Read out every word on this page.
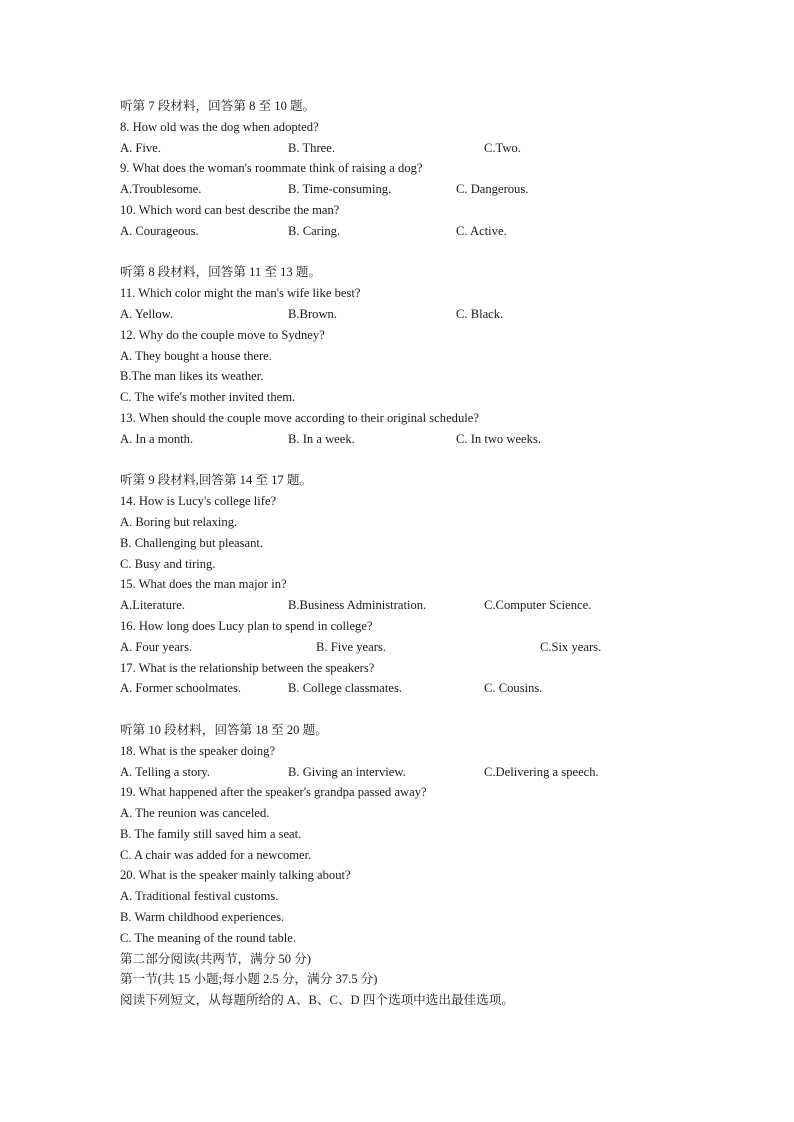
听第 7 段材料，回答第 8 至 10 题。
8. How old was the dog when adopted?
A. Five.	B. Three.	C.Two.
9. What does the woman's roommate think of raising a dog?
A.Troublesome.	B. Time-consuming.	C. Dangerous.
10. Which word can best describe the man?
A. Courageous.	B. Caring.	C. Active.
听第 8 段材料，回答第 11 至 13 题。
11. Which color might the man's wife like best?
A. Yellow.	B.Brown.	C. Black.
12. Why do the couple move to Sydney?
A. They bought a house there.
B.The man likes its weather.
C. The wife's mother invited them.
13. When should the couple move according to their original schedule?
A. In a month.	B. In a week.	C. In two weeks.
听第 9 段材料,回答第 14 至 17 题。
14. How is Lucy's college life?
A. Boring but relaxing.
B. Challenging but pleasant.
C. Busy and tiring.
15. What does the man major in?
A.Literature.	B.Business Administration.	C.Computer Science.
16. How long does Lucy plan to spend in college?
A. Four years.	B. Five years.	C.Six years.
17. What is the relationship between the speakers?
A. Former schoolmates.	B. College classmates.	C. Cousins.
听第 10 段材料，回答第 18 至 20 题。
18. What is the speaker doing?
A. Telling a story.	B. Giving an interview.	C.Delivering a speech.
19. What happened after the speaker's grandpa passed away?
A. The reunion was canceled.
B. The family still saved him a seat.
C. A chair was added for a newcomer.
20. What is the speaker mainly talking about?
A. Traditional festival customs.
B. Warm childhood experiences.
C. The meaning of the round table.
第二部分阅读(共两节，满分 50 分)
第一节(共 15 小题;每小题 2.5 分，满分 37.5 分)
阅读下列短文，从每题所给的 A、B、C、D 四个选项中选出最佳选项。
